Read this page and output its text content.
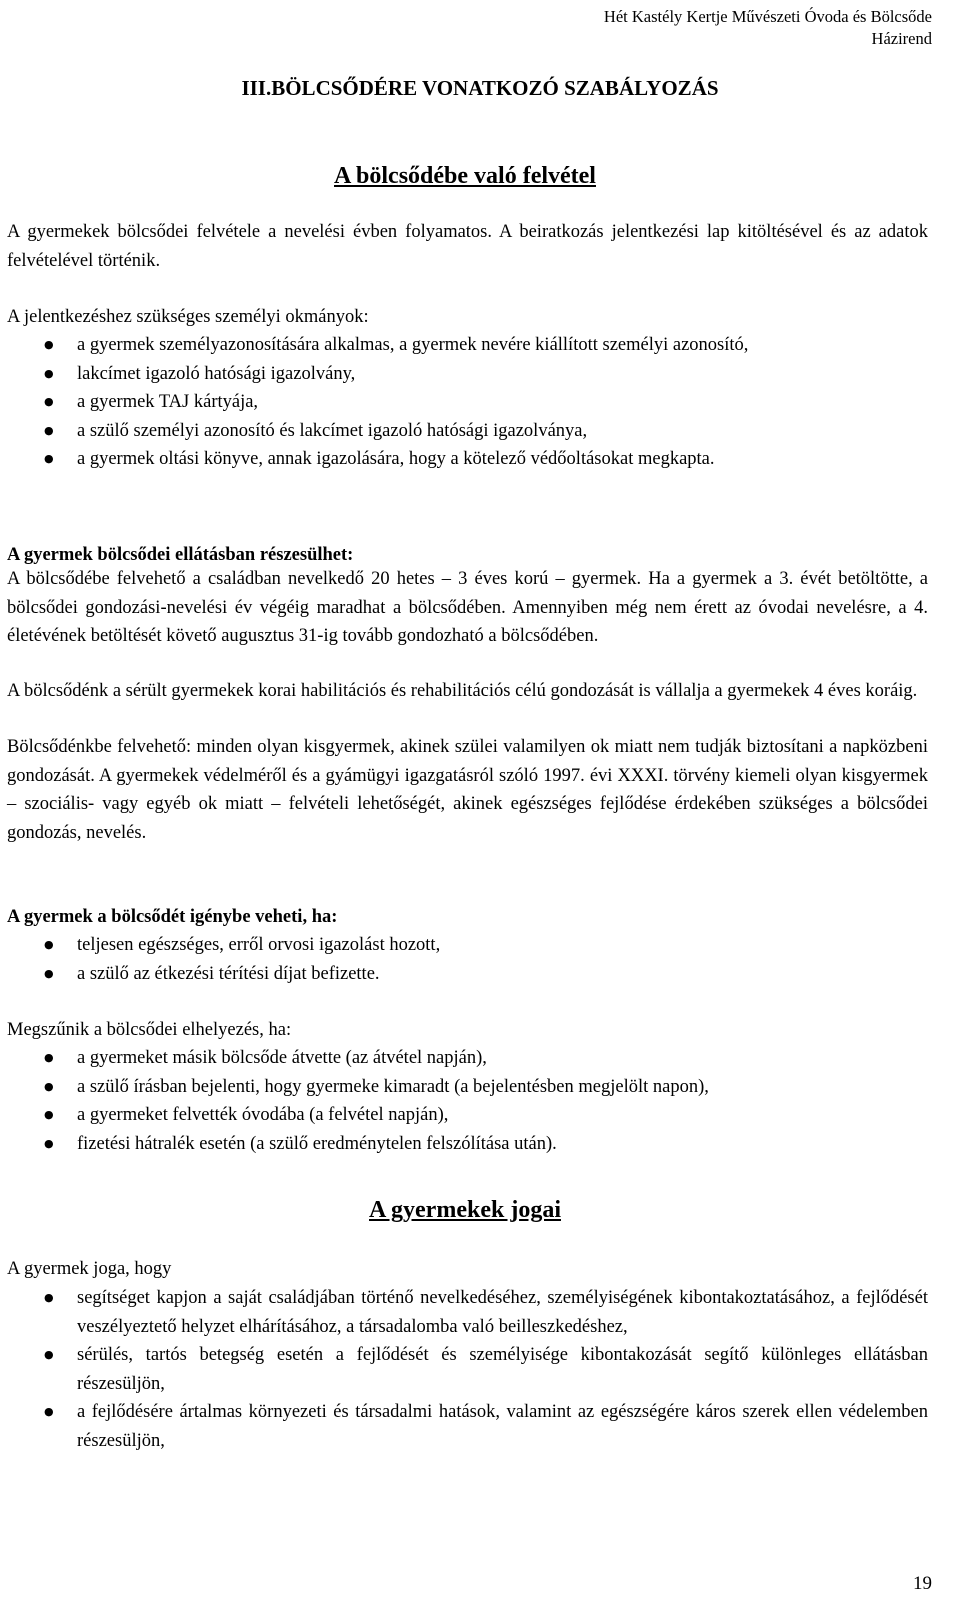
Hét Kastély Kertje Művészeti Óvoda és Bölcsőde
Házirend
III.BÖLCSŐDÉRE VONATKOZÓ SZABÁLYOZÁS
A bölcsődébe való felvétel
A gyermekek bölcsődei felvétele a nevelési évben folyamatos. A beiratkozás jelentkezési lap kitöltésével és az adatok felvételével történik.
A jelentkezéshez szükséges személyi okmányok:
● a gyermek személyazonosítására alkalmas, a gyermek nevére kiállított személyi azonosító,
● lakcímet igazoló hatósági igazolvány,
● a gyermek TAJ kártyája,
● a szülő személyi azonosító és lakcímet igazoló hatósági igazolványa,
● a gyermek oltási könyve, annak igazolására, hogy a kötelező védőoltásokat megkapta.
A gyermek bölcsődei ellátásban részesülhet:
A bölcsődébe felvehető a családban nevelkedő 20 hetes – 3 éves korú – gyermek. Ha a gyermek a 3. évét betöltötte, a bölcsődei gondozási-nevelési év végéig maradhat a bölcsődében. Amennyiben még nem érett az óvodai nevelésre, a 4. életévének betöltését követő augusztus 31-ig tovább gondozható a bölcsődében.
A bölcsődénk a sérült gyermekek korai habilitációs és rehabilitációs célú gondozását is vállalja a gyermekek 4 éves koráig.
Bölcsődénkbe felvehető: minden olyan kisgyermek, akinek szülei valamilyen ok miatt nem tudják biztosítani a napközbeni gondozását. A gyermekek védelméről és a gyámügyi igazgatásról szóló 1997. évi XXXI. törvény kiemeli olyan kisgyermek – szociális- vagy egyéb ok miatt – felvételi lehetőségét, akinek egészséges fejlődése érdekében szükséges a bölcsődei gondozás, nevelés.
A gyermek a bölcsődét igénybe veheti, ha:
● teljesen egészséges, erről orvosi igazolást hozott,
● a szülő az étkezési térítési díjat befizette.
Megszűnik a bölcsődei elhelyezés, ha:
● a gyermeket másik bölcsőde átvette (az átvétel napján),
● a szülő írásban bejelenti, hogy gyermeke kimaradt (a bejelentésben megjelölt napon),
● a gyermeket felvették óvodába (a felvétel napján),
● fizetési hátralék esetén (a szülő eredménytelen felszólítása után).
A gyermekek jogai
A gyermek joga, hogy
● segítséget kapjon a saját családjában történő nevelkedéséhez, személyiségének kibontakoztatásához, a fejlődését veszélyeztető helyzet elhárításához, a társadalomba való beilleszkedéshez,
● sérülés, tartós betegség esetén a fejlődését és személyisége kibontakozását segítő különleges ellátásban részesüljön,
● a fejlődésére ártalmas környezeti és társadalmi hatások, valamint az egészségére káros szerek ellen védelemben részesüljön,
19
